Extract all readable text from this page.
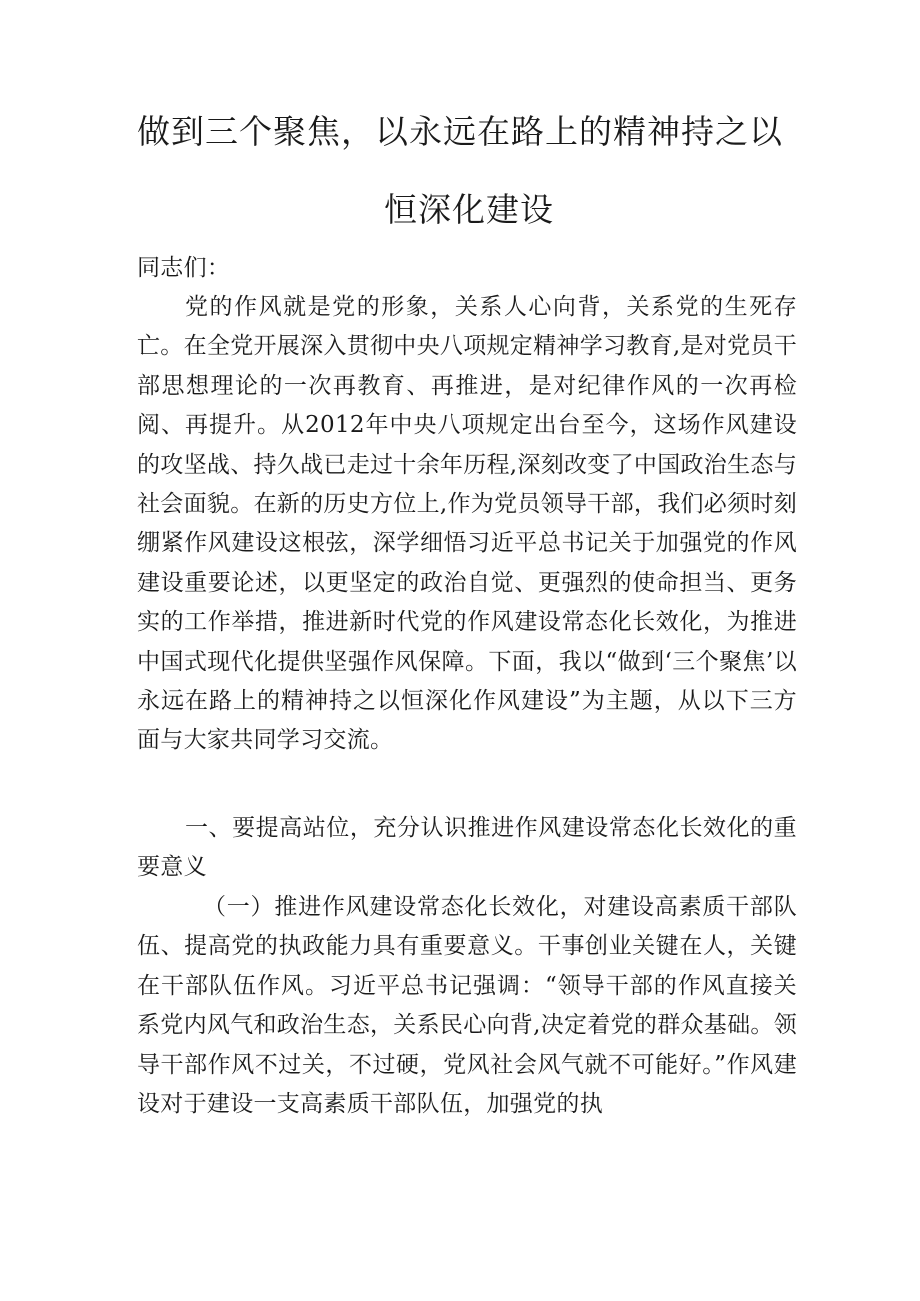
做到三个聚焦，以永远在路上的精神持之以
恒深化建设
同志们：
党的作风就是党的形象，关系人心向背，关系党的生死存亡。在全党开展深入贯彻中央八项规定精神学习教育,是对党员干部思想理论的一次再教育、再推进，是对纪律作风的一次再检阅、再提升。从2012年中央八项规定出台至今，这场作风建设的攻坚战、持久战已走过十余年历程,深刻改变了中国政治生态与社会面貌。在新的历史方位上,作为党员领导干部，我们必须时刻绷紧作风建设这根弦，深学细悟习近平总书记关于加强党的作风建设重要论述，以更坚定的政治自觉、更强烈的使命担当、更务实的工作举措，推进新时代党的作风建设常态化长效化，为推进中国式现代化提供坚强作风保障。下面，我以“做到‘三个聚焦’以永远在路上的精神持之以恒深化作风建设”为主题，从以下三方面与大家共同学习交流。
一、要提高站位，充分认识推进作风建设常态化长效化的重要意义
（一）推进作风建设常态化长效化，对建设高素质干部队伍、提高党的执政能力具有重要意义。干事创业关键在人，关键在干部队伍作风。习近平总书记强调：“领导干部的作风直接关系党内风气和政治生态，关系民心向背,决定着党的群众基础。领导干部作风不过关，不过硬，党风社会风气就不可能好。”作风建设对于建设一支高素质干部队伍，加强党的执
